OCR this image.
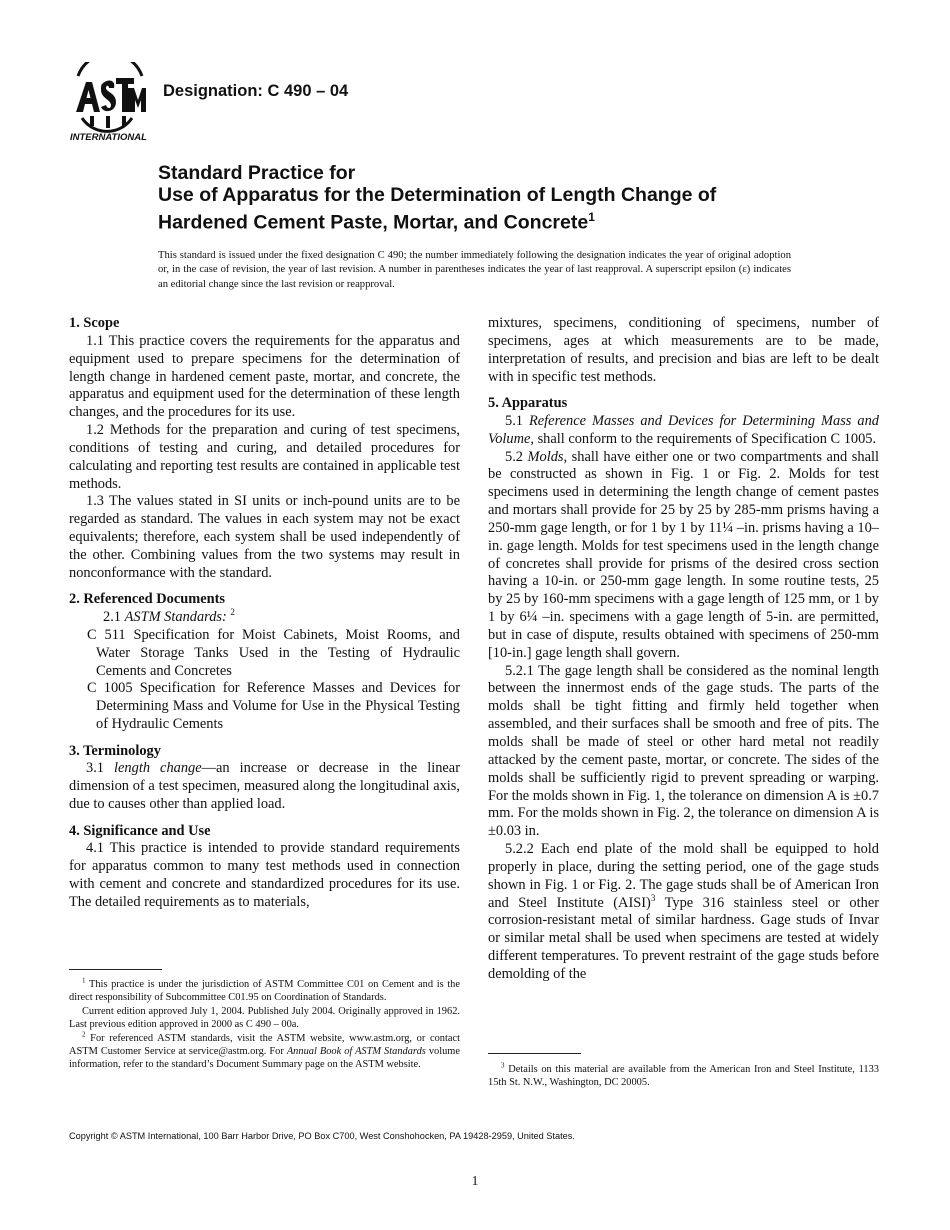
INTERNATIONAL
Designation: C 490 – 04
Standard Practice for
Use of Apparatus for the Determination of Length Change of
Hardened Cement Paste, Mortar, and Concrete$^1$
This standard is issued under the fixed designation C 490; the number immediately following the designation indicates the year of original adoption or, in the case of revision, the year of last revision. A number in parentheses indicates the year of last reapproval. A superscript epsilon (ε) indicates an editorial change since the last revision or reapproval.
1. Scope

1.1 This practice covers the requirements for the apparatus and equipment used to prepare specimens for the determination of length change in hardened cement paste, mortar, and concrete, the apparatus and equipment used for the determination of these length changes, and the procedures for its use.

1.2 Methods for the preparation and curing of test specimens, conditions of testing and curing, and detailed procedures for calculating and reporting test results are contained in applicable test methods.

1.3 The values stated in SI units or inch-pound units are to be regarded as standard. The values in each system may not be exact equivalents; therefore, each system shall be used independently of the other. Combining values from the two systems may result in nonconformance with the standard.

2. Referenced Documents

2.1 ASTM Standards: $^2$

C 511 Specification for Moist Cabinets, Moist Rooms, and Water Storage Tanks Used in the Testing of Hydraulic Cements and Concretes

C 1005 Specification for Reference Masses and Devices for Determining Mass and Volume for Use in the Physical Testing of Hydraulic Cements

3. Terminology

3.1 length change—an increase or decrease in the linear dimension of a test specimen, measured along the longitudinal axis, due to causes other than applied load.

4. Significance and Use

4.1 This practice is intended to provide standard requirements for apparatus common to many test methods used in connection with cement and concrete and standardized procedures for its use. The detailed requirements as to materials,

mixtures, specimens, conditioning of specimens, number of specimens, ages at which measurements are to be made, interpretation of results, and precision and bias are left to be dealt with in specific test methods.

5. Apparatus

5.1 Reference Masses and Devices for Determining Mass and Volume, shall conform to the requirements of Specification C 1005.

5.2 Molds, shall have either one or two compartments and shall be constructed as shown in Fig. 1 or Fig. 2. Molds for test specimens used in determining the length change of cement pastes and mortars shall provide for 25 by 25 by 285-mm prisms having a 250-mm gage length, or for 1 by 1 by 11¼ –in. prisms having a 10–in. gage length. Molds for test specimens used in the length change of concretes shall provide for prisms of the desired cross section having a 10-in. or 250-mm gage length. In some routine tests, 25 by 25 by 160-mm specimens with a gage length of 125 mm, or 1 by 1 by 6¼ –in. specimens with a gage length of 5-in. are permitted, but in case of dispute, results obtained with specimens of 250-mm [10-in.] gage length shall govern.

5.2.1 The gage length shall be considered as the nominal length between the innermost ends of the gage studs. The parts of the molds shall be tight fitting and firmly held together when assembled, and their surfaces shall be smooth and free of pits. The molds shall be made of steel or other hard metal not readily attacked by the cement paste, mortar, or concrete. The sides of the molds shall be sufficiently rigid to prevent spreading or warping. For the molds shown in Fig. 1, the tolerance on dimension A is ±0.7 mm. For the molds shown in Fig. 2, the tolerance on dimension A is ±0.03 in.

5.2.2 Each end plate of the mold shall be equipped to hold properly in place, during the setting period, one of the gage studs shown in Fig. 1 or Fig. 2. The gage studs shall be of American Iron and Steel Institute (AISI)$^3$ Type 316 stainless steel or other corrosion-resistant metal of similar hardness. Gage studs of Invar or similar metal shall be used when specimens are tested at widely different temperatures. To prevent restraint of the gage studs before demolding of the

$^1$ This practice is under the jurisdiction of ASTM Committee C01 on Cement and is the direct responsibility of Subcommittee C01.95 on Coordination of Standards.

Current edition approved July 1, 2004. Published July 2004. Originally approved in 1962. Last previous edition approved in 2000 as C 490 – 00a.

$^2$ For referenced ASTM standards, visit the ASTM website, www.astm.org, or contact ASTM Customer Service at service@astm.org. For Annual Book of ASTM Standards volume information, refer to the standard’s Document Summary page on the ASTM website.	$^3$ Details on this material are available from the American Iron and Steel Institute, 1133 15th St. N.W., Washington, DC 20005.

Copyright © ASTM International, 100 Barr Harbor Drive, PO Box C700, West Conshohocken, PA 19428-2959, United States.
1
